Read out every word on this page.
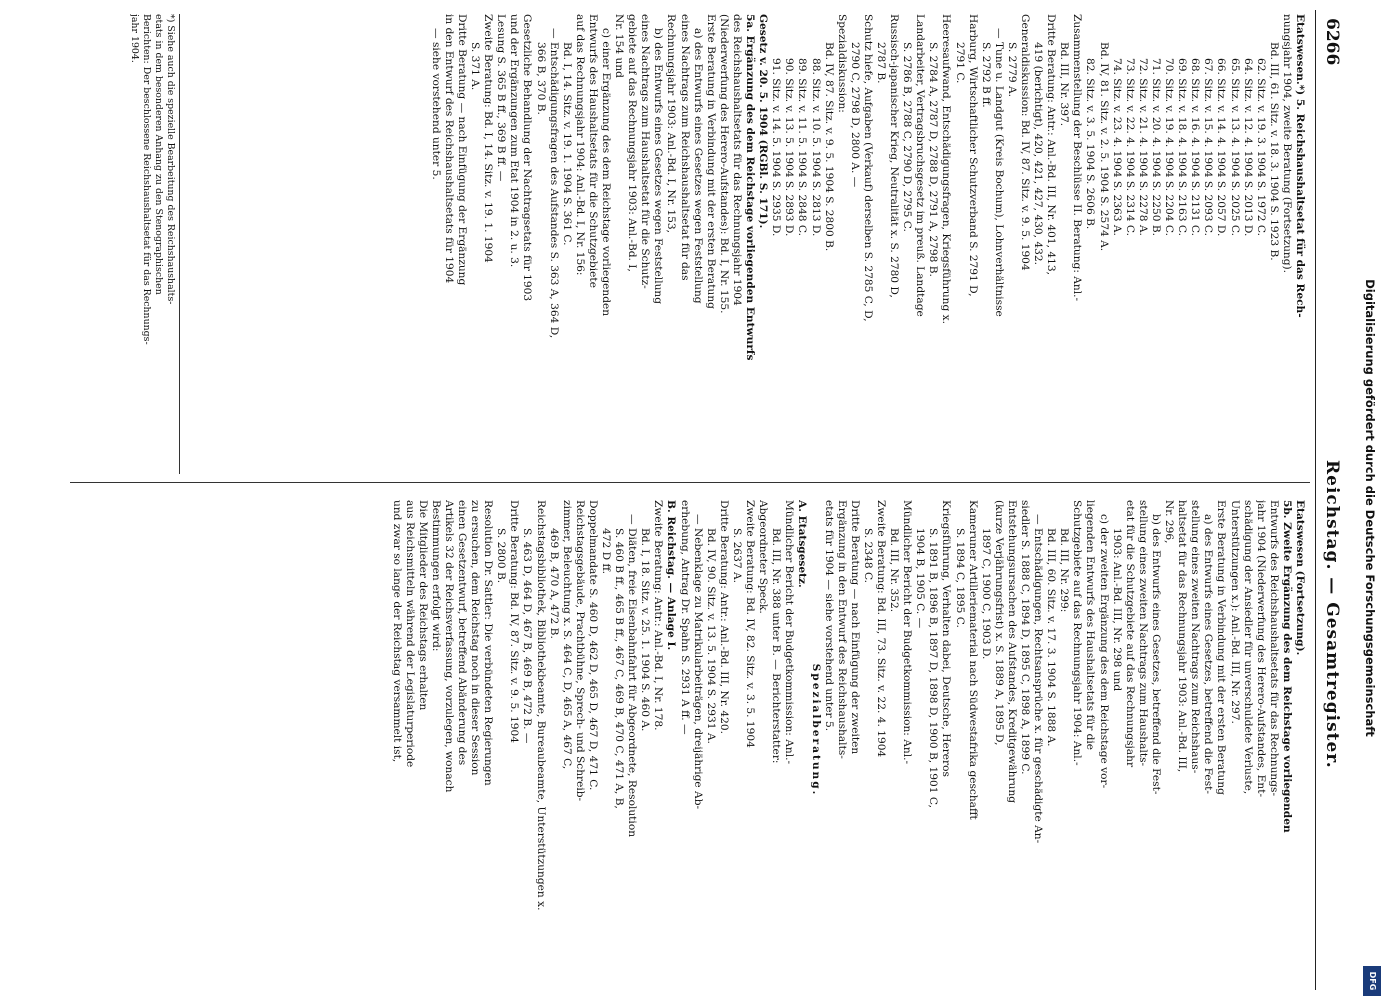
6266
Reichstag. — Gesamtregister.
Etatswesen.*) 5. Reichshaushaltsetat für das Rech-
nungsjahr 1904, zweite Beratung (Fortsetzung).
Bd. III, 61. Sitz. v. 18. 3. 1904 S. 1923 B.
62. Sitz. v. 19. 3. 1904 S. 1972 C.
64. Sitz. v. 12. 4. 1904 S. 2013 D.
65. Sitz. v. 13. 4. 1904 S. 2025 C.
66. Sitz. v. 14. 4. 1904 S. 2057 D.
67. Sitz. v. 15. 4. 1904 S. 2093 C.
68. Sitz. v. 16. 4. 1904 S. 2131 C.
69. Sitz. v. 18. 4. 1904 S. 2163 C.
70. Sitz. v. 19. 4. 1904 S. 2204 C.
71. Sitz. v. 20. 4. 1904 S. 2250 B.
72. Sitz. v. 21. 4. 1904 S. 2278 A.
73. Sitz. v. 22. 4. 1904 S. 2314 C.
74. Sitz. v. 23. 4. 1904 S. 2363 A.
Bd. IV, 81. Sitz. v. 2. 5. 1904 S. 2574 A.
82. Sitz. v. 3. 5. 1904 S. 2606 B.
Zusammenstellung der Beschlüsse II. Beratung: Anl.-
Bd. III, Nr. 397.
Dritte Beratung: Antr.: Anl.-Bd. III, Nr. 401, 413,
419 (berichtigt), 420, 421, 427, 430, 432.
Generaldiskussion: Bd. IV, 87. Sitz. v. 9. 5. 1904
S. 2779 A.
— Tune u. Landgut (Kreis Bochum), Lohnverhältnisse
S. 2792 B ff.
Harburg, Wirtschaftlicher Schutzverband S. 2791 D,
2791 C.
Heeresaufwand, Entschädigungsfragen, Kriegsführung x.
S. 2784 A, 2787 D, 2788 D, 2791 A, 2798 B.
Landarbeiter, Vertragsbruchsgesetz im preuß. Landtage
S. 2786 B, 2788 C, 2790 D, 2795 C.
Russisch-japanischer Krieg, Neutralität x. S. 2780 D,
2787 B.
Schutz hiefe, Aufgaben (Verkauf) derselben S. 2785 C, D,
2790 C, 2798 D, 2800 A. —
Spezialdiskussion:
Bd. IV, 87. Sitz. v. 9. 5. 1904 S. 2800 B.
88. Sitz. v. 10. 5. 1904 S. 2813 D.
89. Sitz. v. 11. 5. 1904 S. 2848 C.
90. Sitz. v. 13. 5. 1904 S. 2893 D.
91. Sitz. v. 14. 5. 1904 S. 2935 D.
Gesetz v. 20. 5. 1904 (RGBl. S. 171).
5a. Ergänzung des dem Reichstage vorliegenden Entwurfs
des Reichshaushaltsetats für das Rechnungsjahr 1904
(Niederwerfung des Herero-Aufstandes): Bd. I, Nr. 155.
Erste Beratung in Verbindung mit der ersten Beratung
a) des Entwurfs eines Gesetzes wegen Feststellung
eines Nachtrags zum Reichshaushaltsetat für das
Rechnungsjahr 1903: Anl.-Bd. I, Nr. 153,
b) des Entwurfs eines Gesetzes wegen Feststellung
eines Nachtrags zum Haushaltsetat für die Schutz-
gebiete auf das Rechnungsjahr 1903: Anl.-Bd. I,
Nr. 154 und
c) einer Ergänzung des dem Reichstage vorliegenden
Entwurfs des Haushaltsetats für die Schutzgebiete
auf das Rechnungsjahr 1904: Anl.-Bd. I, Nr. 156:
Bd. I, 14. Sitz. v. 19. 1. 1904 S. 361 C.
— Entschädigungsfragen des Aufstandes S. 363 A, 364 D,
366 B, 370 B.
Gesetzliche Behandlung der Nachtragsetats für 1903
und der Ergänzungen zum Etat 1904 in 2. u. 3.
Lesung S. 365 B ff., 369 B ff. —
Zweite Beratung: Bd. I, 14. Sitz. v. 19. 1. 1904
S. 371 A.
Dritte Beratung — nach Einfügung der Ergänzung
in den Entwurf des Reichshaushaltsetats für 1904
— siehe vorstehend unter 5.
*) Siehe auch die spezielle Bearbeitung des Reichshaushalts-
etats in dem besonderen Anhang zu den Stenographischen
Berichten: Der beschlossene Reichshaushaltsetat für das Rechnungs-
jahr 1904.
Etatswesen (Fortsetzung).
5b. Zweite Ergänzung des dem Reichstage vorliegenden
Entwurfs des Reichshaushaltsetats für das Rechnungs-
jahr 1904 (Niederwerfung des Herero-Aufstandes, Ent-
schädigung der Ansiedler für unverschuldete Verluste,
Unterstützungen x.): Anl.-Bd. III, Nr. 297.
Erste Beratung in Verbindung mit der ersten Beratung
a) des Entwurfs eines Gesetzes, betreffend die Fest-
stellung eines zweiten Nachtrags zum Reichshaus-
haltsetat für das Rechnungsjahr 1903: Anl.-Bd. III,
Nr. 296,
b) des Entwurfs eines Gesetzes, betreffend die Fest-
stellung eines zweiten Nachtrags zum Haushalts-
etat für die Schutzgebiete auf das Rechnungsjahr
1903: Anl.-Bd. III, Nr. 298 und
c) der zweiten Ergänzung des dem Reichstage vor-
liegenden Entwurfs des Haushaltsetats für die
Schutzgebiete auf das Rechnungsjahr 1904: Anl.-
Bd. III, Nr. 299:
Bd. III, 60. Sitz. v. 17. 3. 1904 S. 1888 A.
— Entschädigungen, Rechtsansprüche x. für geschädigte An-
siedler S. 1888 C, 1894 D, 1895 C, 1898 A, 1899 C.
Entstehungsursachen des Aufstandes, Kreditgewährung
(kurze Verjährungsfrist) x. S. 1889 A, 1895 D,
1897 C, 1900 C, 1903 D.
Kameruner Artilleriematerial nach Südwestafrika geschafft
S. 1894 C, 1895 C.
Kriegsführung, Verhalten dabei, Deutsche, Hereros
S. 1891 B, 1896 B, 1897 D, 1898 D, 1900 B, 1901 C,
1904 B, 1905 C. —
Mündlicher Bericht der Budgetkommission: Anl.-
Bd. III, Nr. 352.
Zweite Beratung: Bd. III, 73. Sitz. v. 22. 4. 1904
S. 2348 C.
Dritte Beratung — nach Einfügung der zweiten
Ergänzung in den Entwurf des Reichshaushalts-
etats für 1904 — siehe vorstehend unter 5.
Spezialberatung.
A. Etatsgesetz.
Mündlicher Bericht der Budgetkommission: Anl.-
Bd. III, Nr. 388 unter B. — Berichterstatter:
Abgeordneter Speck.
Zweite Beratung: Bd. IV, 82. Sitz. v. 3. 5. 1904
S. 2637 A.
Dritte Beratung: Antr.: Anl.-Bd. III, Nr. 420.
Bd. IV, 90. Sitz. v. 13. 5. 1904 S. 2931 A.
— Nebenklage zu Matrikularbeiträgen, dreijährige Ab-
erhebung, Antrag Dr. Spahn S. 2931 A ff. —
B. Reichstag. — Anlage I.
Zweite Beratung: Antr.: Anl.-Bd. I, Nr. 178.
Bd. I, 18. Sitz. v. 25. 1. 1904 S. 460 A.
— Diäten, freie Eisenbahnfahrt für Abgeordnete, Resolution
S. 460 B ff., 465 B ff., 467 C, 469 B, 470 C, 471 A, B,
472 D ff.
Doppelmandate S. 460 D, 462 D, 465 D, 467 D, 471 C.
Reichstagsgebäude, Prachtbühne, Sprech- und Schreib-
zimmer, Beleuchtung x. S. 464 C, D, 465 A, 467 C,
469 B, 470 A, 472 B.
Reichstagsbibliothek, Bibliothekbeamte, Bureaubeamte, Unterstützungen x.
S. 463 D, 464 D, 467 B, 469 B, 472 B. —
Dritte Beratung: Bd. IV, 87. Sitz. v. 9. 5. 1904
S. 2800 B.
Resolution Dr. Sattler: Die verbündeten Regierungen
zu ersuchen, dem Reichstag noch in dieser Session
einen Gesetzentwurf, betreffend Abänderung des
Artikels 32 der Reichsverfassung, vorzulegen, wonach
Bestimmungen erfolgt wird:
Die Mitglieder des Reichstags erhalten
aus Reichsmitteln während der Legislaturperiode
und zwar so lange der Reichstag versammelt ist,	Digitalisierung gefördert durch die Deutsche Forschungsgemeinschaft
DFG
